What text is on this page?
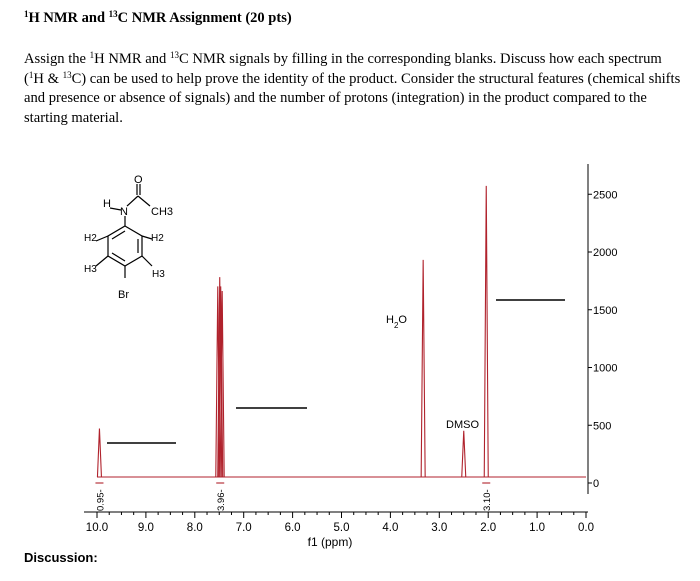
$^1$H NMR and $^{13}$C NMR Assignment (20 pts)
Assign the $^1$H NMR and $^{13}$C NMR signals by filling in the corresponding blanks. Discuss how each spectrum ($^1$H & $^{13}$C) can be used to help prove the identity of the product. Consider the structural features (chemical shifts and presence or absence of signals) and the number of protons (integration) in the product compared to the starting material.
H
N
O
CH3
H2	H2
H3	H3
Br
2500
2000
1500
1000
500
0
10.0	9.0	8.0	7.0	6.0	5.0	4.0	3.0	2.0	1.0	0.0
f1 (ppm)
0.95-	3.96-	3.10-
$H_2O$
DMSO
Discussion:
